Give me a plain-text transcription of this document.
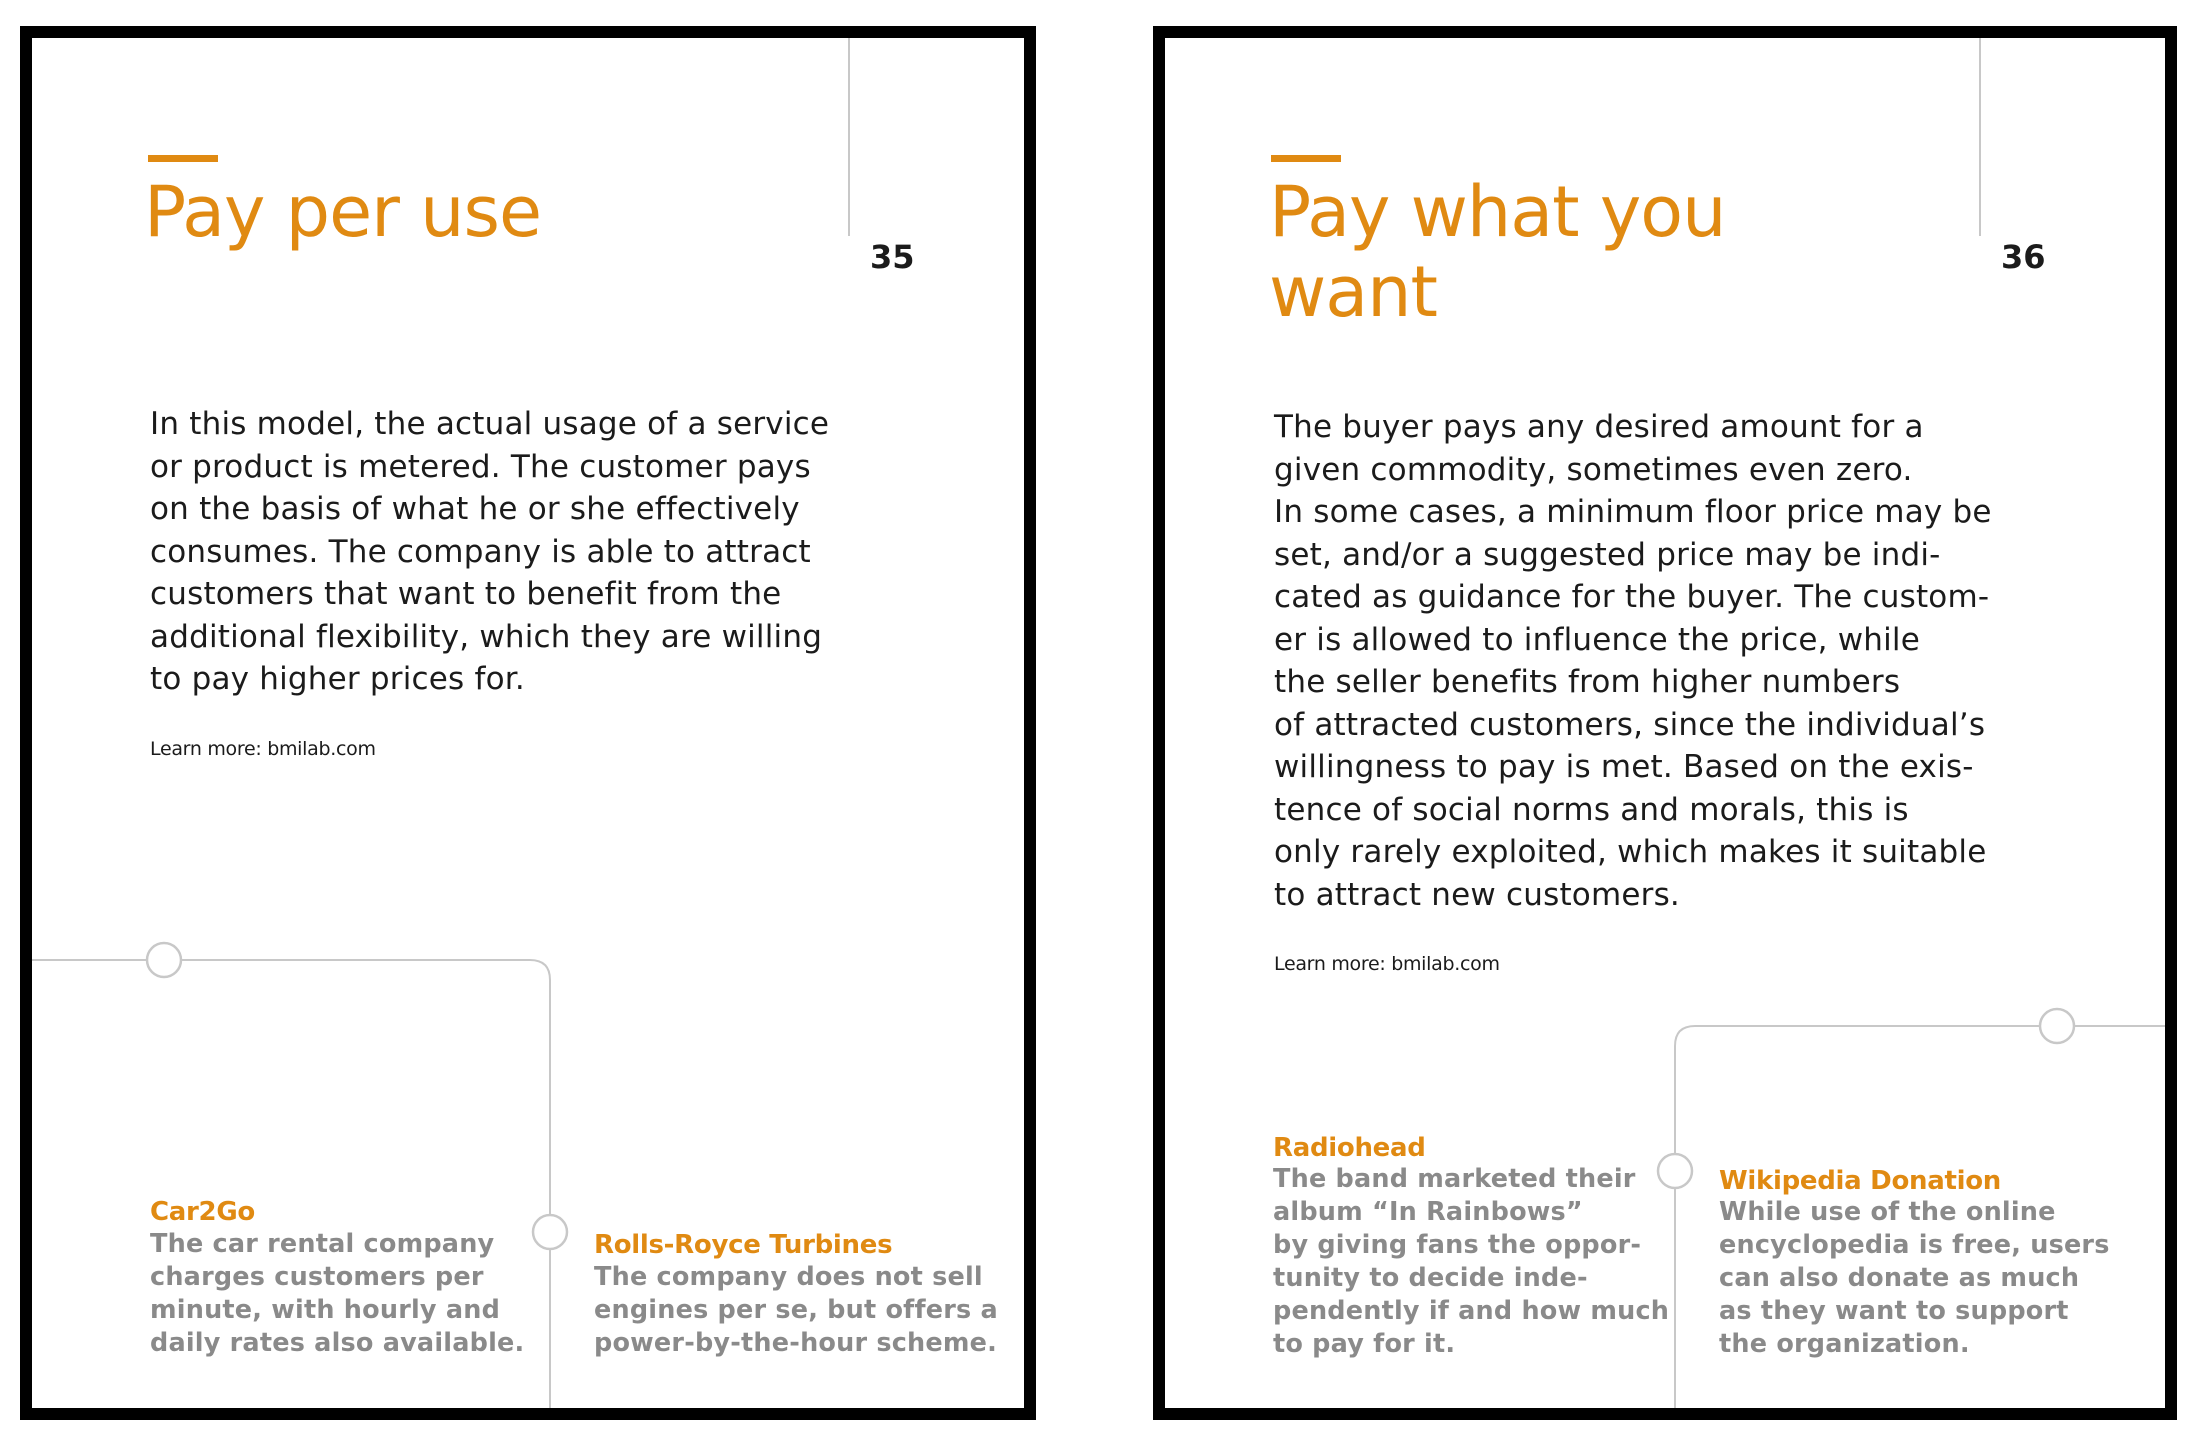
Pay per use
35
In this model, the actual usage of a service
or product is metered. The customer pays
on the basis of what he or she effectively
consumes. The company is able to attract
customers that want to benefit from the
additional flexibility, which they are willing
to pay higher prices for.
Learn more: bmilab.com
Car2Go
The car rental company
charges customers per
minute, with hourly and
daily rates also available.
Rolls-Royce Turbines
The company does not sell
engines per se, but offers a
power-by-the-hour scheme.
Pay what you
want	36
The buyer pays any desired amount for a
given commodity, sometimes even zero.
In some cases, a minimum floor price may be
set, and/or a suggested price may be indi-
cated as guidance for the buyer. The custom-
er is allowed to influence the price, while
the seller benefits from higher numbers
of attracted customers, since the individual’s
willingness to pay is met. Based on the exis-
tence of social norms and morals, this is
only rarely exploited, which makes it suitable
to attract new customers.
Learn more: bmilab.com
Radiohead
The band marketed their
album “In Rainbows”
by giving fans the oppor-
tunity to decide inde-
pendently if and how much
to pay for it.
Wikipedia Donation
While use of the online
encyclopedia is free, users
can also donate as much
as they want to support
the organization.
